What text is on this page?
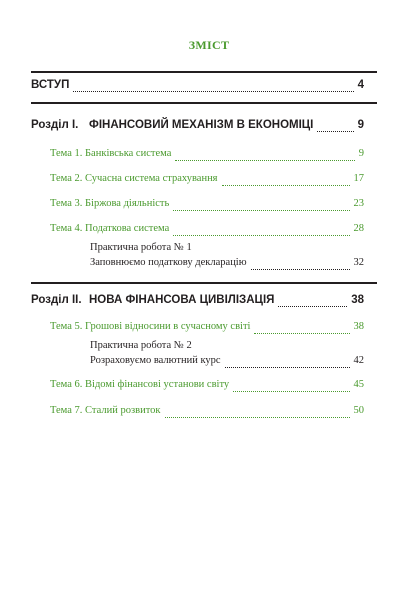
ЗМІСТ
ВСТУП	4
Розділ I. ФІНАНСОВИЙ МЕХАНІЗМ В ЕКОНОМІЦІ	9
Тема 1. Банківська система	9
Тема 2. Сучасна система страхування	17
Тема 3. Біржова діяльність	23
Тема 4. Податкова система	28
Практична робота № 1
Заповнюємо податкову декларацію	32
Розділ II. НОВА ФІНАНСОВА ЦИВІЛІЗАЦІЯ	38
Тема 5. Грошові відносини в сучасному світі	38
Практична робота № 2
Розраховуємо валютний курс	42
Тема 6. Відомі фінансові установи світу	45
Тема 7. Сталий розвиток	50
